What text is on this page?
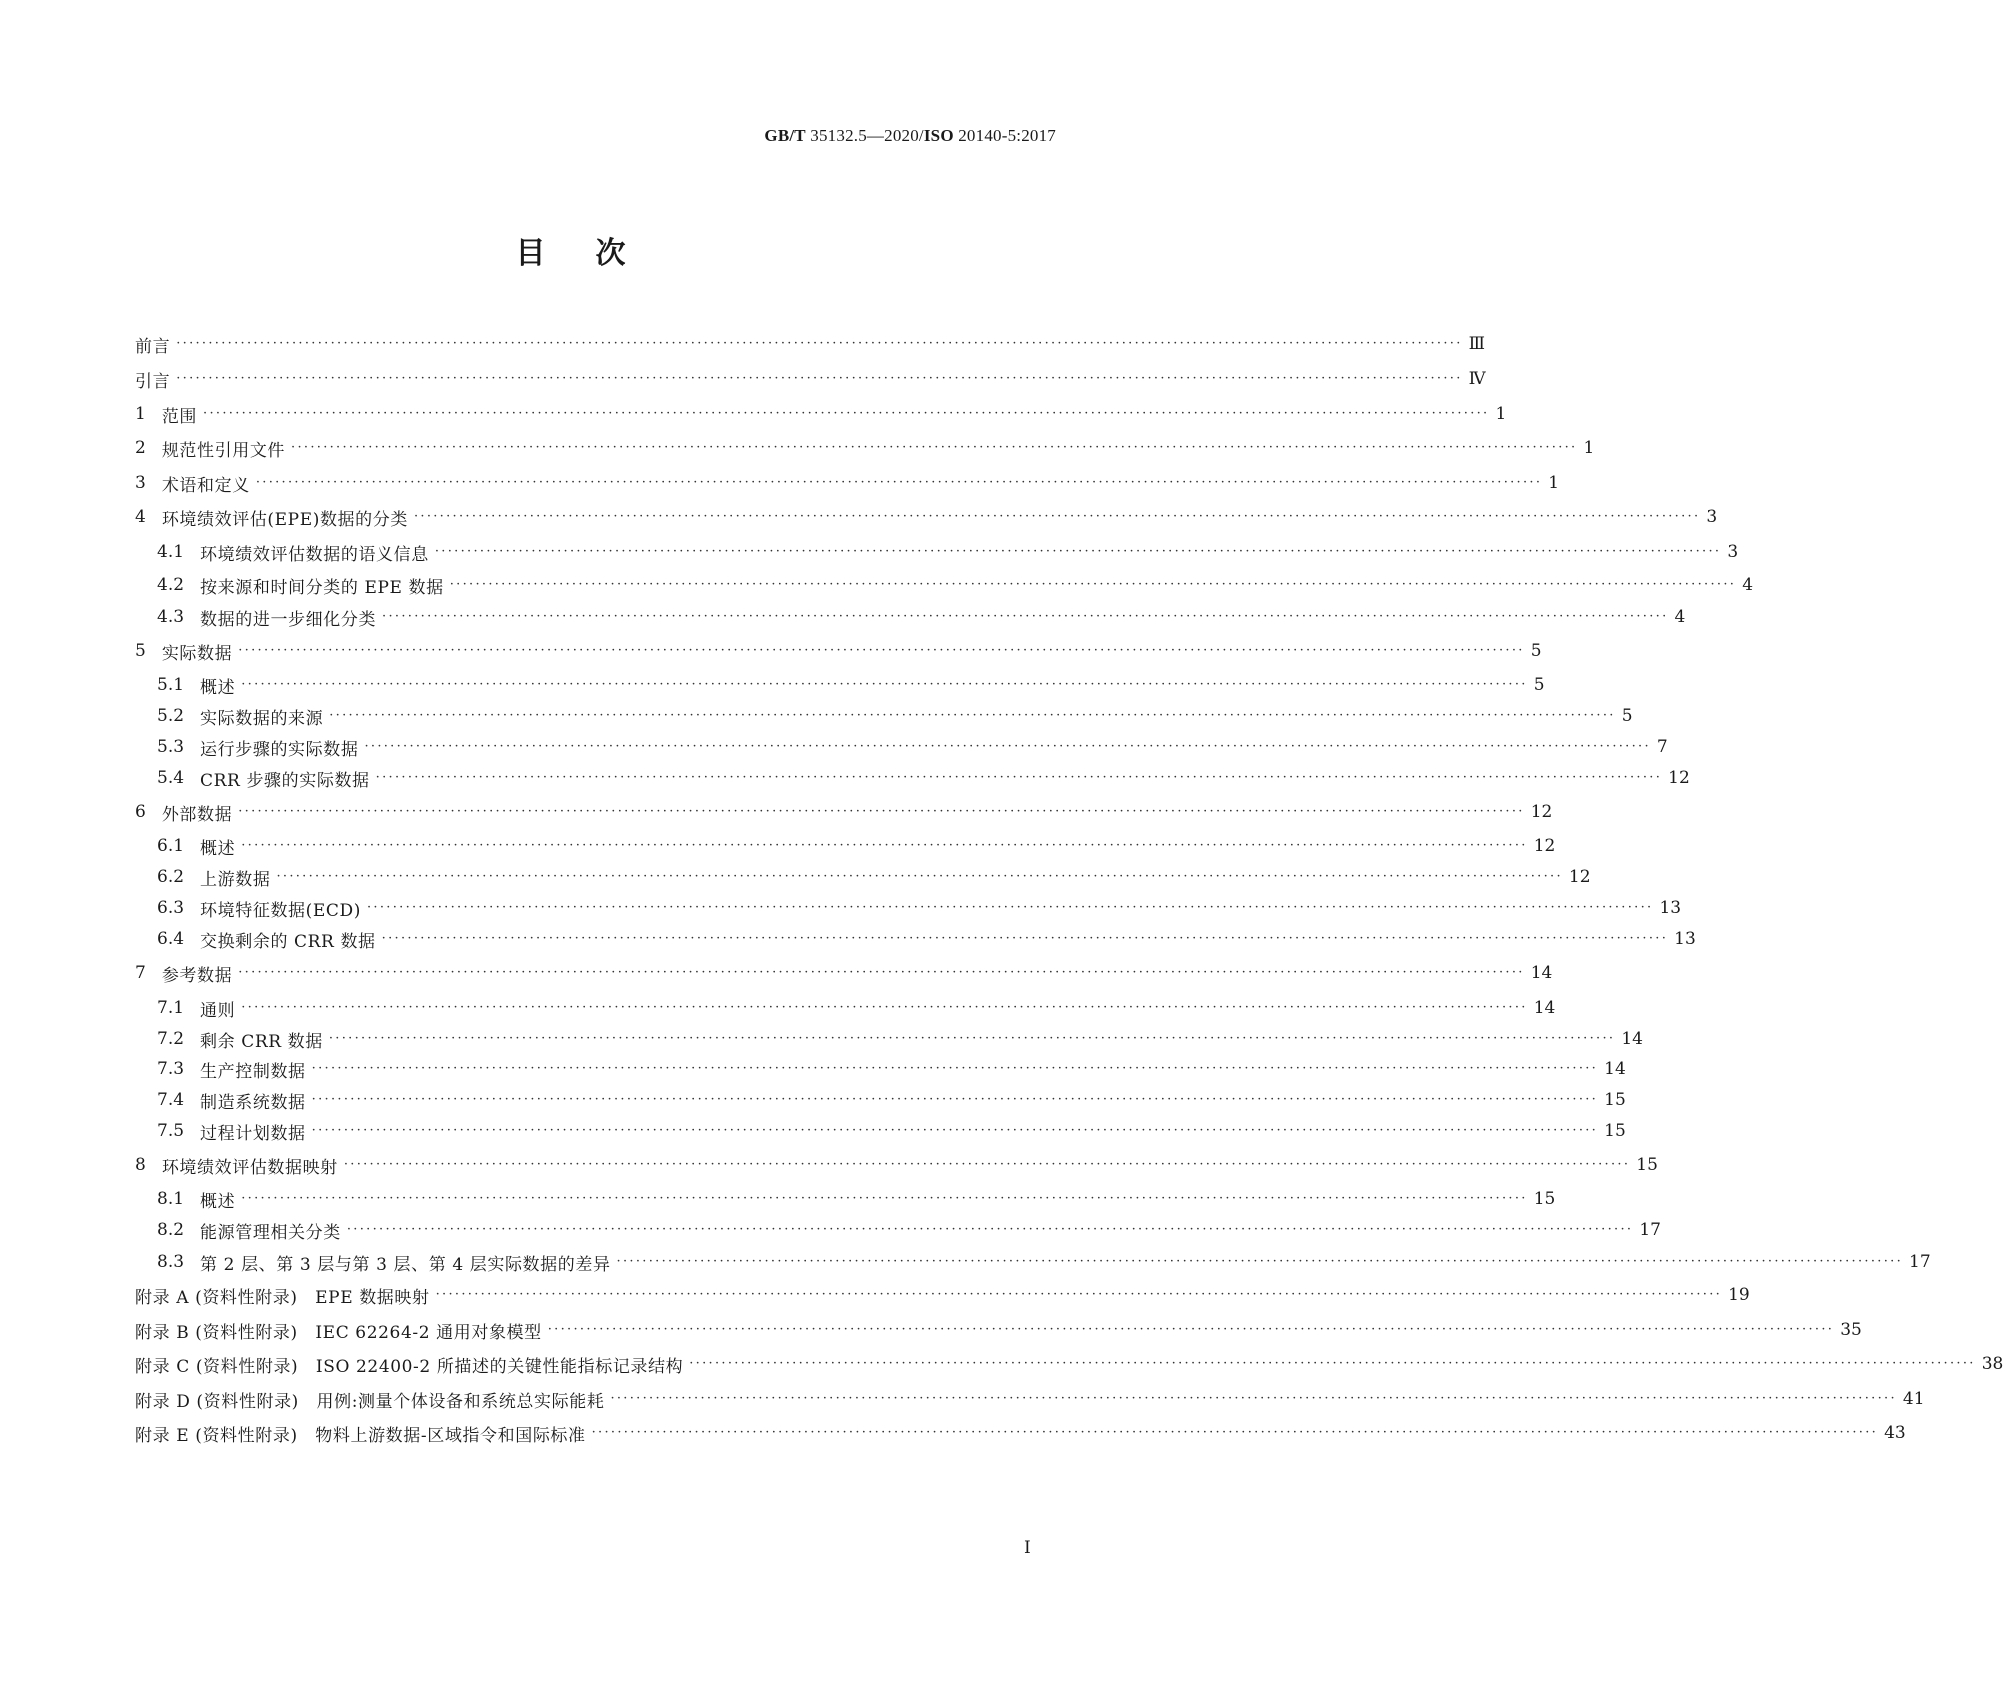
GB/T 35132.5—2020/ISO 20140-5:2017
目次
前言 ········································································································································································································ Ⅲ
引言 ········································································································································································································ Ⅳ
1 范围 ········································································································································································································ 1
2 规范性引用文件 ········································································································································································································ 1
3 术语和定义 ········································································································································································································ 1
4 环境绩效评估(EPE)数据的分类 ········································································································································································································ 3
4.1 环境绩效评估数据的语义信息 ········································································································································································································ 3
4.2 按来源和时间分类的 EPE 数据 ········································································································································································································ 4
4.3 数据的进一步细化分类 ········································································································································································································ 4
5 实际数据 ········································································································································································································ 5
5.1 概述 ········································································································································································································ 5
5.2 实际数据的来源 ········································································································································································································ 5
5.3 运行步骤的实际数据 ········································································································································································································ 7
5.4 CRR 步骤的实际数据 ········································································································································································································ 12
6 外部数据 ········································································································································································································ 12
6.1 概述 ········································································································································································································ 12
6.2 上游数据 ········································································································································································································ 12
6.3 环境特征数据(ECD) ········································································································································································································ 13
6.4 交换剩余的 CRR 数据 ········································································································································································································ 13
7 参考数据 ········································································································································································································ 14
7.1 通则 ········································································································································································································ 14
7.2 剩余 CRR 数据 ········································································································································································································ 14
7.3 生产控制数据 ········································································································································································································ 14
7.4 制造系统数据 ········································································································································································································ 15
7.5 过程计划数据 ········································································································································································································ 15
8 环境绩效评估数据映射 ········································································································································································································ 15
8.1 概述 ········································································································································································································ 15
8.2 能源管理相关分类 ········································································································································································································ 17
8.3 第 2 层、第 3 层与第 3 层、第 4 层实际数据的差异 ········································································································································································································ 17
附录 A (资料性附录)　EPE 数据映射 ········································································································································································································ 19
附录 B (资料性附录)　IEC 62264-2 通用对象模型 ········································································································································································································ 35
附录 C (资料性附录)　ISO 22400-2 所描述的关键性能指标记录结构 ········································································································································································································ 38
附录 D (资料性附录)　用例:测量个体设备和系统总实际能耗 ········································································································································································································ 41
附录 E (资料性附录)　物料上游数据-区域指令和国际标准 ········································································································································································································ 43
I
